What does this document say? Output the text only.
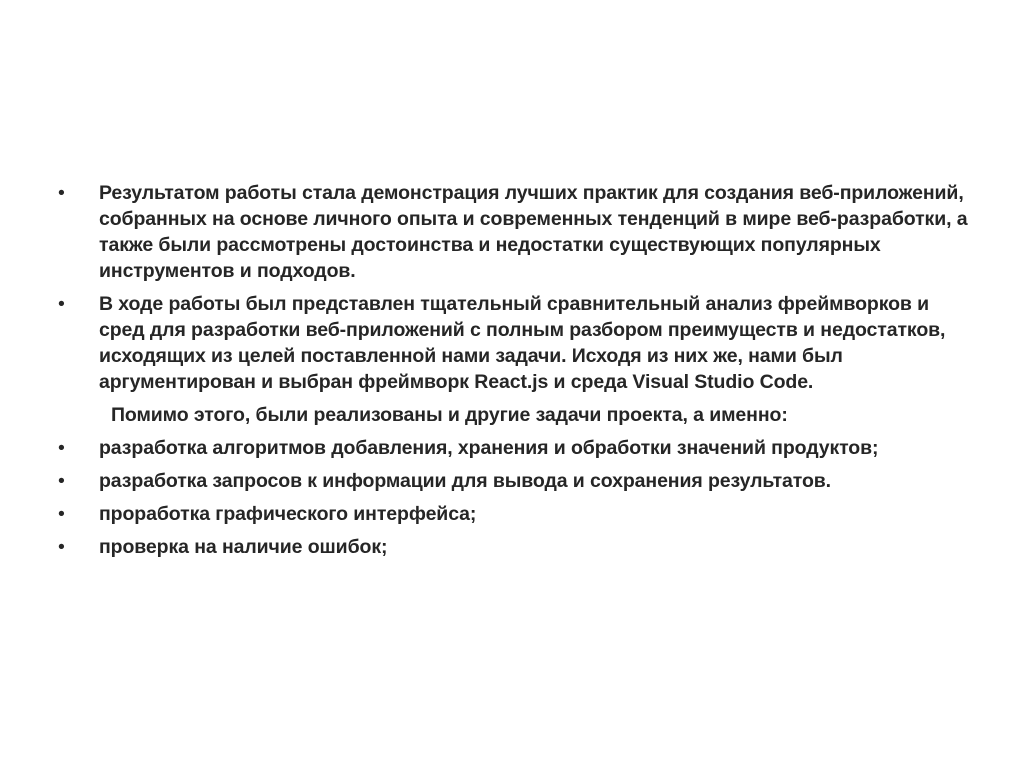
•	Результатом работы стала демонстрация лучших практик для создания веб-приложений, собранных на основе личного опыта и современных тенденций в мире веб-разработки, а также были рассмотрены достоинства и недостатки существующих популярных инструментов и подходов.
•	В ходе работы был представлен тщательный сравнительный анализ фреймворков и сред для разработки веб-приложений с полным разбором преимуществ и недостатков, исходящих из целей поставленной нами задачи. Исходя из них же, нами был аргументирован и выбран фреймворк React.js и среда Visual Studio Code.
Помимо этого, были реализованы и другие задачи проекта, а именно:
•	разработка алгоритмов добавления, хранения и обработки значений продуктов;
•	разработка запросов к информации для вывода и сохранения результатов.
•	проработка графического интерфейса;
•	проверка на наличие ошибок;
